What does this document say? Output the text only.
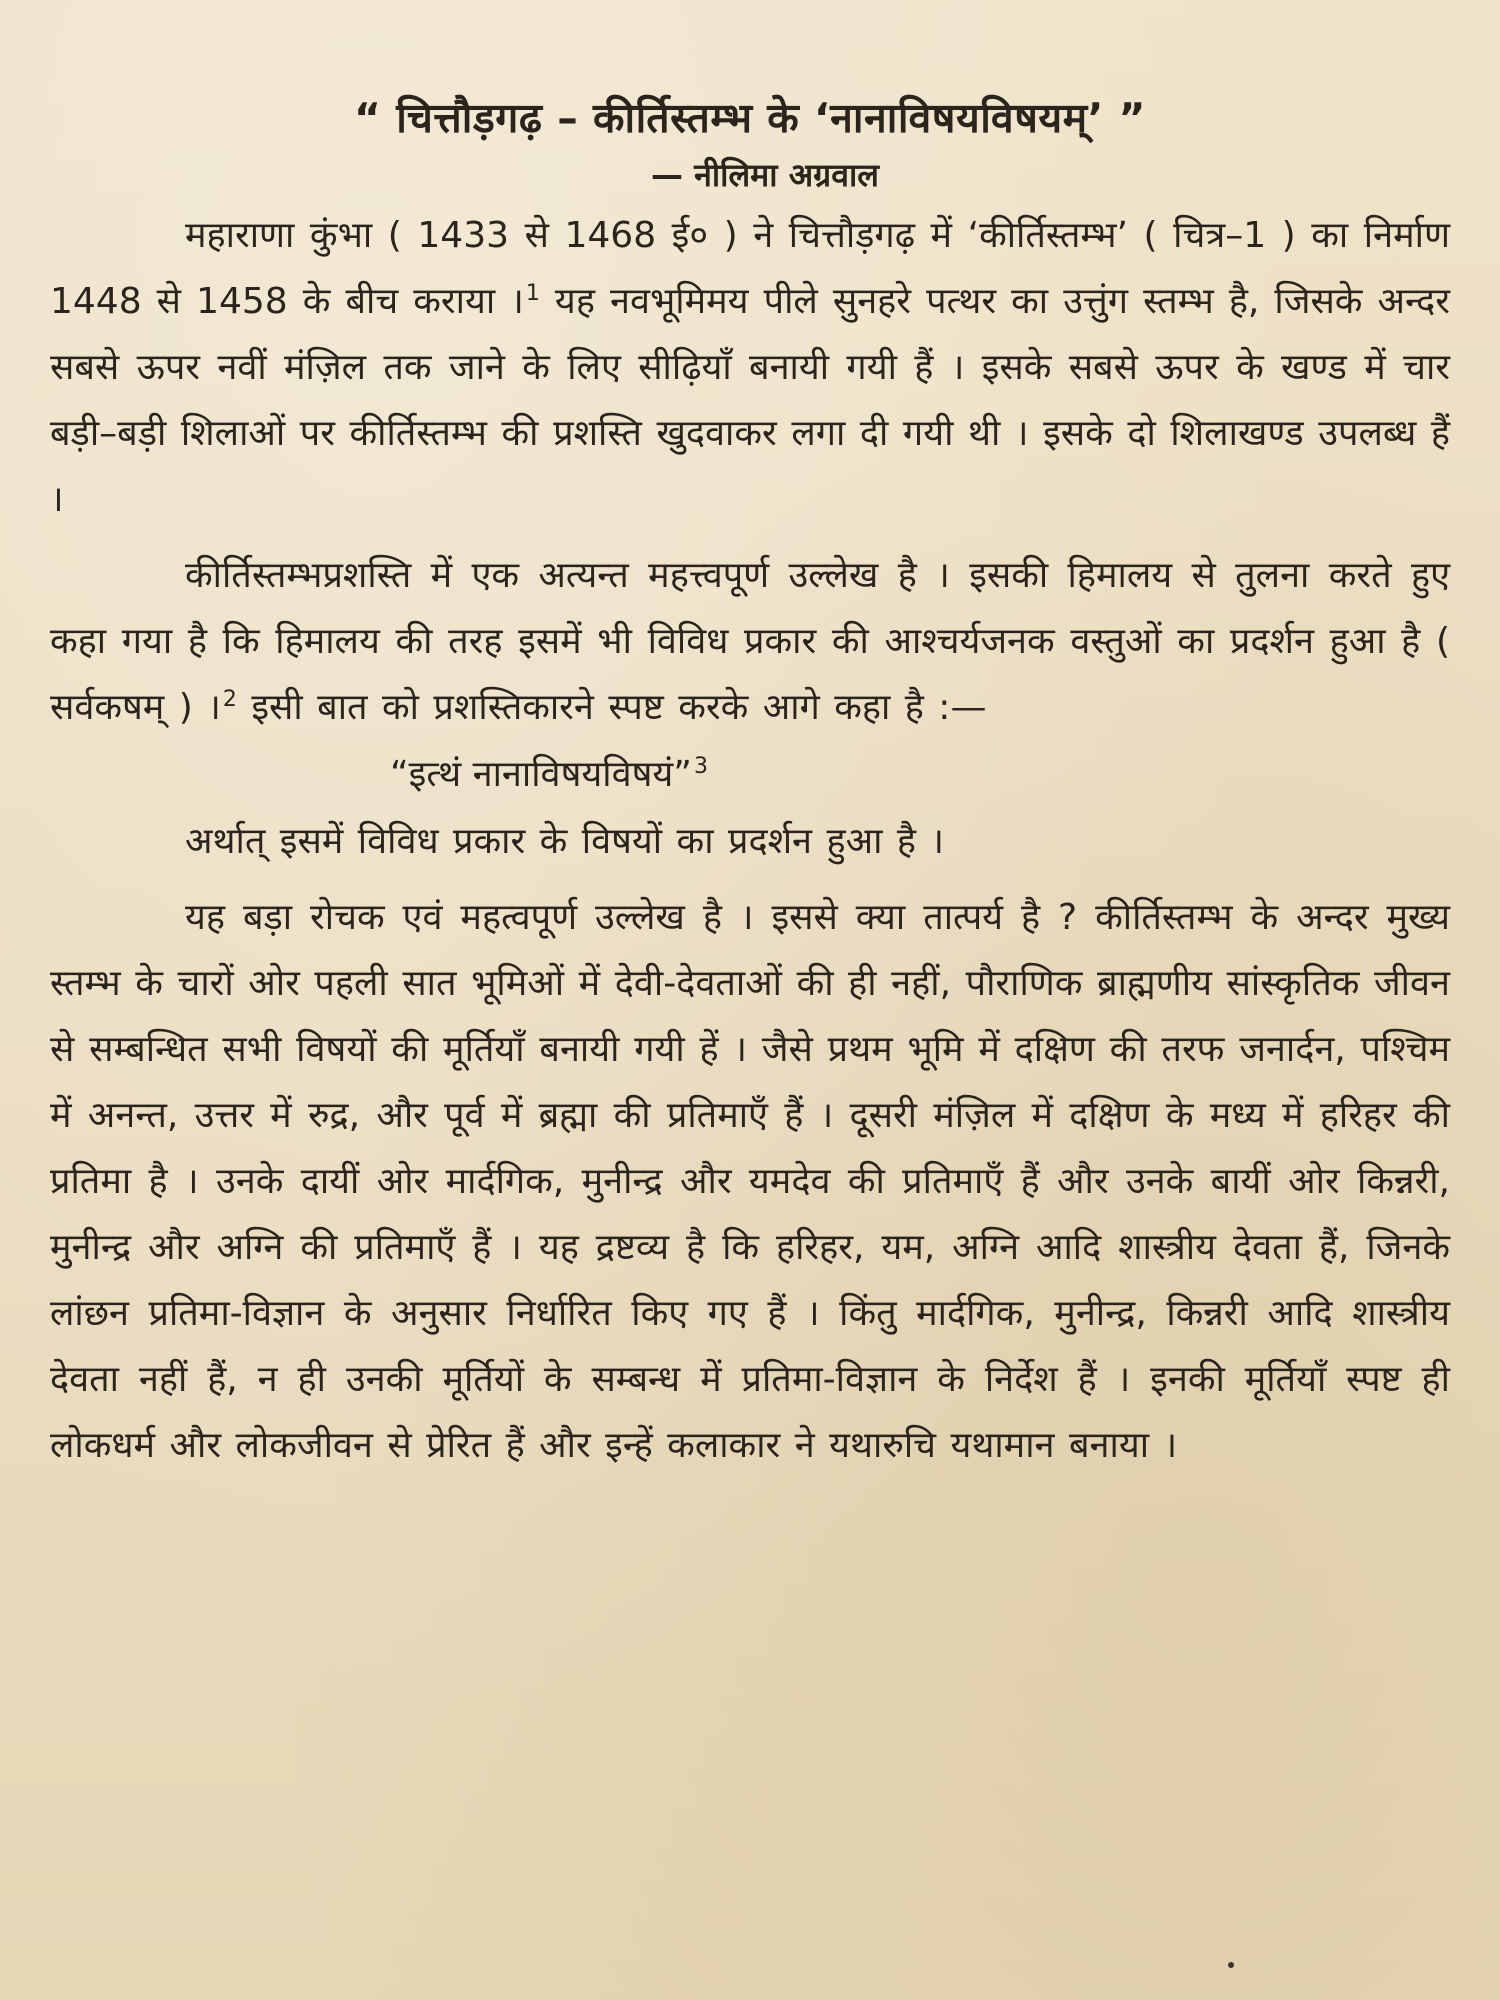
“ चित्तौड़गढ़ – कीर्तिस्तम्भ के ‘नानाविषयविषयम्’ ”
— नीलिमा अग्रवाल

महाराणा कुंभा ( 1433 से 1468 ई० ) ने चित्तौड़गढ़ में ‘कीर्तिस्तम्भ’ ( चित्र–1 ) का निर्माण 1448 से 1458 के बीच कराया ।$^1$ यह नवभूमिमय पीले सुनहरे पत्थर का उत्तुंग स्तम्भ है, जिसके अन्दर सबसे ऊपर नवीं मंज़िल तक जाने के लिए सीढ़ियाँ बनायी गयी हैं । इसके सबसे ऊपर के खण्ड में चार बड़ी–बड़ी शिलाओं पर कीर्तिस्तम्भ की प्रशस्ति खुदवाकर लगा दी गयी थी । इसके दो शिलाखण्ड उपलब्ध हैं ।

कीर्तिस्तम्भप्रशस्ति में एक अत्यन्त महत्त्वपूर्ण उल्लेख है । इसकी हिमालय से तुलना करते हुए कहा गया है कि हिमालय की तरह इसमें भी विविध प्रकार की आश्चर्यजनक वस्तुओं का प्रदर्शन हुआ है ( सर्वकषम् ) ।$^2$ इसी बात को प्रशस्तिकारने स्पष्ट करके आगे कहा है :—

“इत्थं नानाविषयविषयं”$^3$

अर्थात् इसमें विविध प्रकार के विषयों का प्रदर्शन हुआ है ।

यह बड़ा रोचक एवं महत्वपूर्ण उल्लेख है । इससे क्या तात्पर्य है ? कीर्तिस्तम्भ के अन्दर मुख्य स्तम्भ के चारों ओर पहली सात भूमिओं में देवी-देवताओं की ही नहीं, पौराणिक ब्राह्मणीय सांस्कृतिक जीवन से सम्बन्धित सभी विषयों की मूर्तियाँ बनायी गयी हें । जैसे प्रथम भूमि में दक्षिण की तरफ जनार्दन, पश्चिम में अनन्त, उत्तर में रुद्र, और पूर्व में ब्रह्मा की प्रतिमाएँ हैं । दूसरी मंज़िल में दक्षिण के मध्य में हरिहर की प्रतिमा है । उनके दायीं ओर मार्दगिक, मुनीन्द्र और यमदेव की प्रतिमाएँ हैं और उनके बायीं ओर किन्नरी, मुनीन्द्र और अग्नि की प्रतिमाएँ हैं । यह द्रष्टव्य है कि हरिहर, यम, अग्नि आदि शास्त्रीय देवता हैं, जिनके लांछन प्रतिमा-विज्ञान के अनुसार निर्धारित किए गए हैं । किंतु मार्दगिक, मुनीन्द्र, किन्नरी आदि शास्त्रीय देवता नहीं हैं, न ही उनकी मूर्तियों के सम्बन्ध में प्रतिमा-विज्ञान के निर्देश हैं । इनकी मूर्तियाँ स्पष्ट ही लोकधर्म और लोकजीवन से प्रेरित हैं और इन्हें कलाकार ने यथारुचि यथामान बनाया ।
